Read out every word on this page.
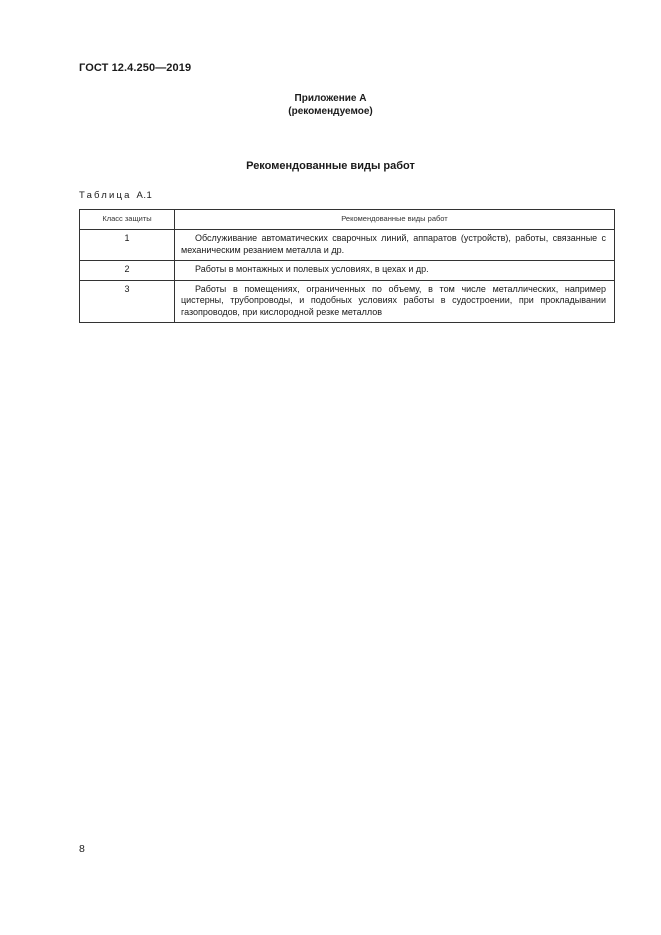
ГОСТ 12.4.250—2019
Приложение А
(рекомендуемое)
Рекомендованные виды работ
Таблица А.1
Класс защиты	Рекомендованные виды работ
1	Обслуживание автоматических сварочных линий, аппаратов (устройств), работы, связанные с механическим резанием металла и др.

2	Работы в монтажных и полевых условиях, в цехах и др.

3	Работы в помещениях, ограниченных по объему, в том числе металлических, например цистерны, трубопроводы, и подобных условиях работы в судостроении, при прокладывании газопроводов, при кислородной резке металлов
8
